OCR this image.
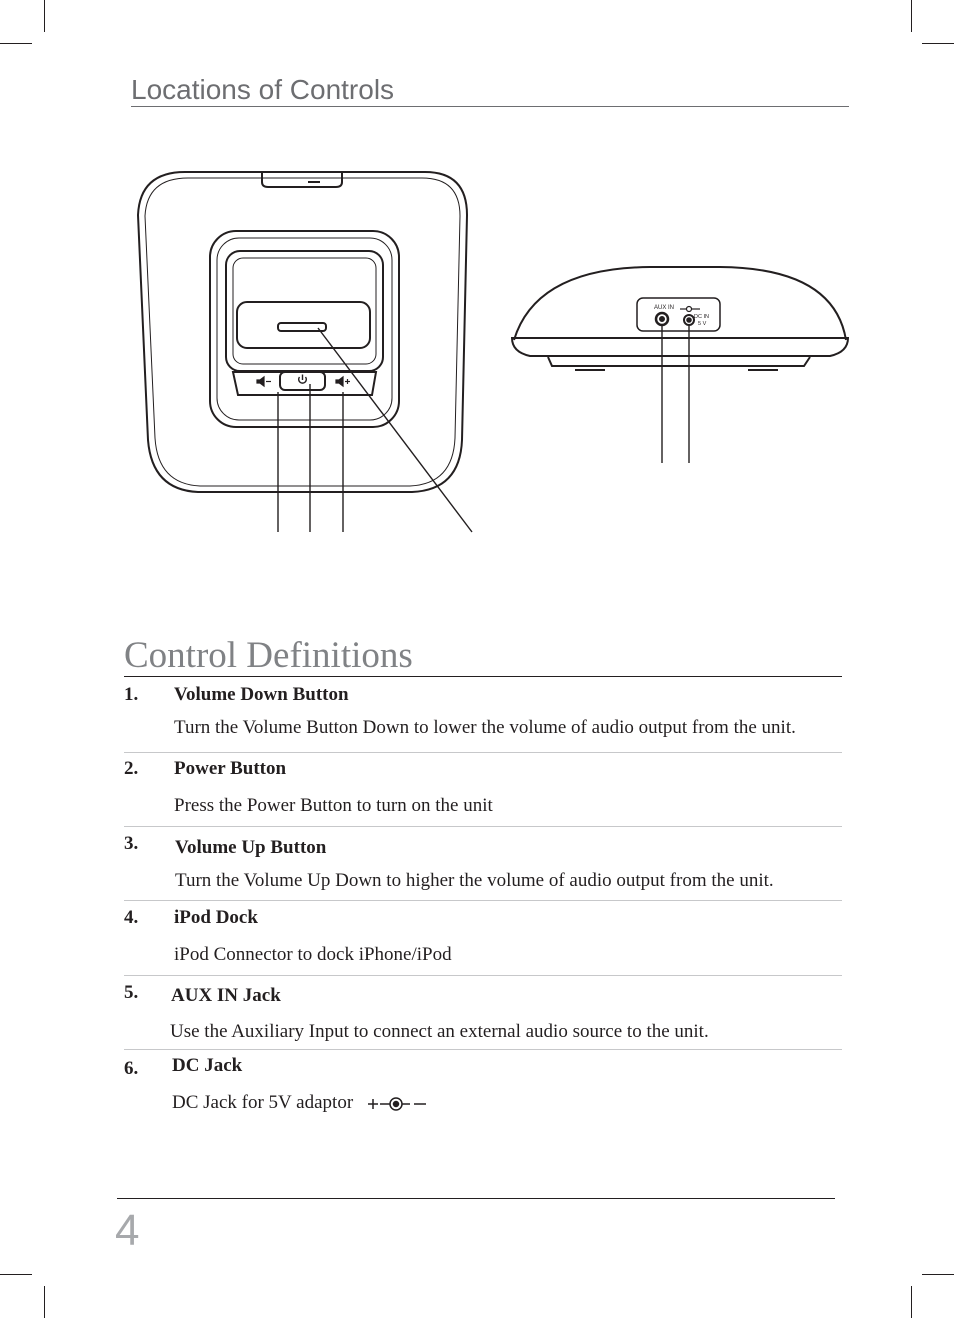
Locations of Controls
AUX IN
DC IN
5 V
Control Definitions
1. Volume Down Button
Turn the Volume Button Down to lower the volume of audio output from the unit.
2. Power Button
Press the Power Button to turn on the unit
3. Volume Up Button
Turn the Volume Up Down to higher the volume of audio output from the unit.
4. iPod Dock
iPod Connector to dock iPhone/iPod
5. AUX IN Jack
Use the Auxiliary Input to connect an external audio source to the unit.
6. DC Jack
DC Jack for 5V adaptor
4
